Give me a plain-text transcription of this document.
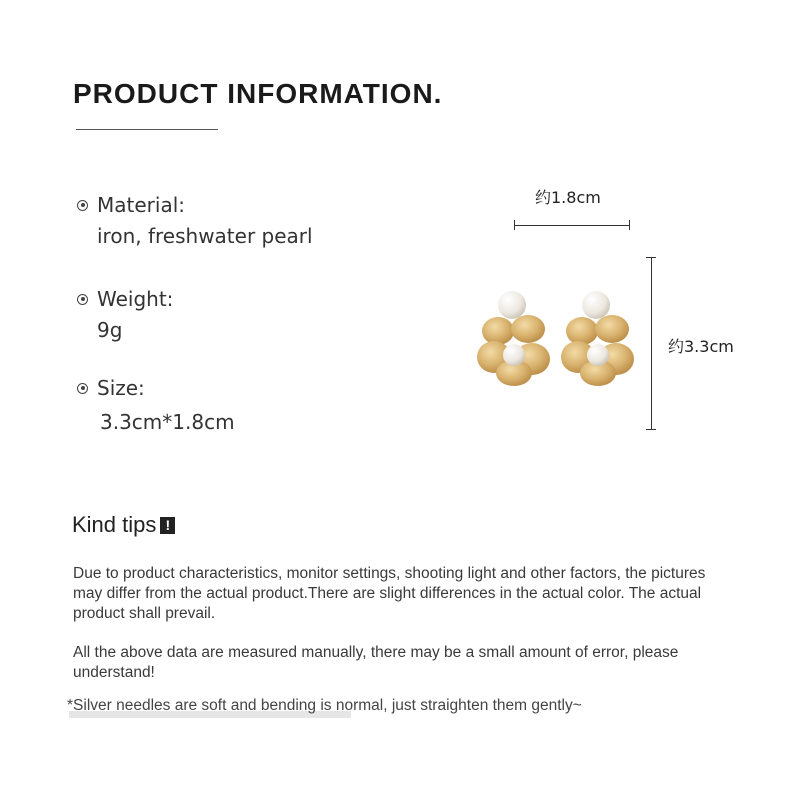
PRODUCT INFORMATION.
Material:
iron, freshwater pearl
Weight:
9g
Size:
3.3cm*1.8cm
约1.8cm
约3.3cm
Kind tips !
Due to product characteristics, monitor settings, shooting light and other factors, the pictures may differ from the actual product.There are slight differences in the actual color. The actual product shall prevail.
All the above data are measured manually, there may be a small amount of error, please understand!
*Silver needles are soft and bending is normal, just straighten them gently~
